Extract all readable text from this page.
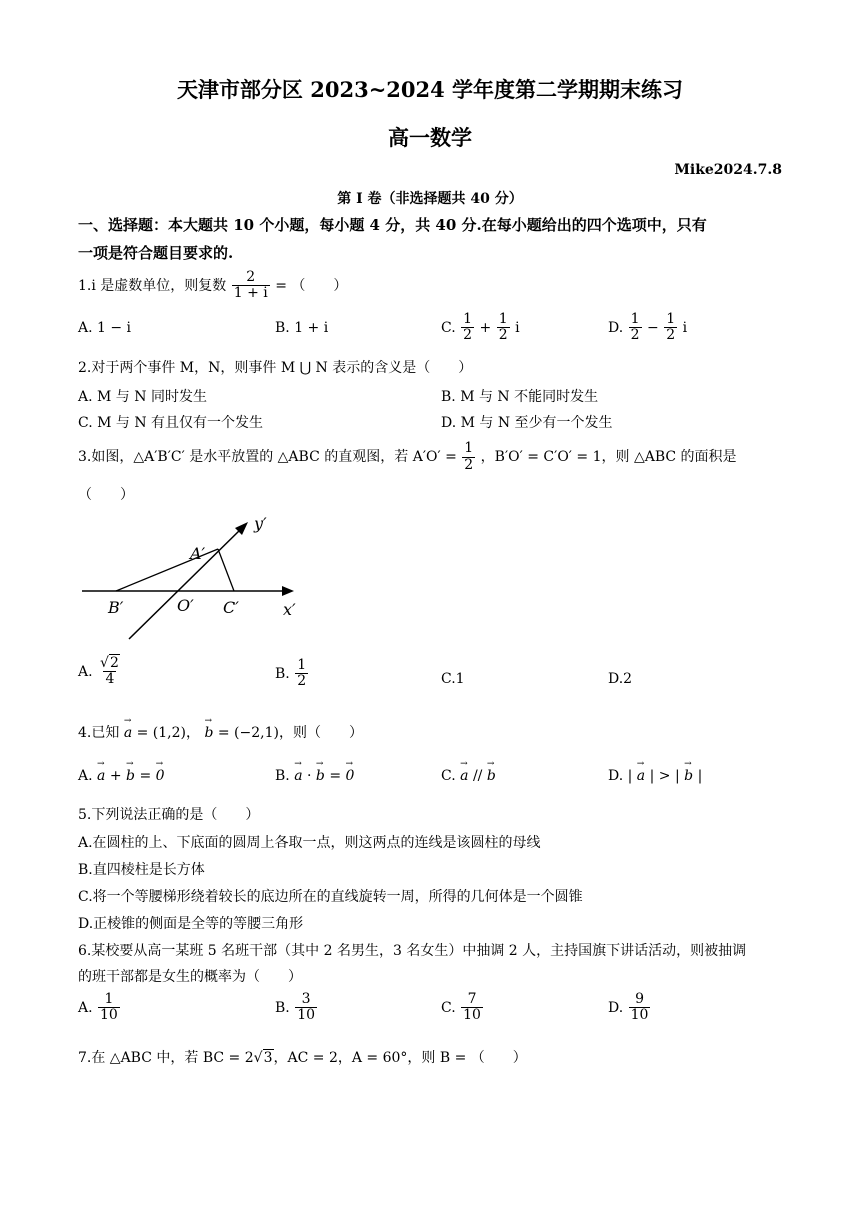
天津市部分区 2023~2024 学年度第二学期期末练习
高一数学
Mike2024.7.8
第 I 卷（非选择题共 40 分）
一、选择题：本大题共 10 个小题，每小题 4 分，共 40 分.在每小题给出的四个选项中，只有
一项是符合题目要求的.
1.i 是虚数单位，则复数 $\frac{2}{1 + i}$ = （　　）
A. 1 − i	B. 1 + i	C. $\frac{1}{2} + \frac{1}{2}$ i	D. $\frac{1}{2} - \frac{1}{2}$ i
2.对于两个事件 M，N，则事件 M ⋃ N 表示的含义是（　　）
A. M 与 N 同时发生	B. M 与 N 不能同时发生
C. M 与 N 有且仅有一个发生	D. M 与 N 至少有一个发生
3.如图，△A′B′C′ 是水平放置的 △ABC 的直观图，若 $A'O' = \frac{1}{2}$ ，B′O′ = C′O′ = 1，则 △ABC 的面积是
（　　）
y′
A′
B′	O′ C′	x′
A. $\frac{√2}{4}$	B. $\frac{1}{2}$	C.1	D.2
4.已知 → a = (1,2)， → b = (−2,1)，则（　　）
A. → a + → b = → 0	B. → a · → b = → 0	C. → a // → b	D. | → a | > | → b |
5.下列说法正确的是（　　）
A.在圆柱的上、下底面的圆周上各取一点，则这两点的连线是该圆柱的母线
B.直四棱柱是长方体
C.将一个等腰梯形绕着较长的底边所在的直线旋转一周，所得的几何体是一个圆锥
D.正棱锥的侧面是全等的等腰三角形
6.某校要从高一某班 5 名班干部（其中 2 名男生，3 名女生）中抽调 2 人，主持国旗下讲话活动，则被抽调
的班干部都是女生的概率为（　　）
A. $\frac{1}{10}$	B. $\frac{3}{10}$	C. $\frac{7}{10}$	D. $\frac{9}{10}$
7.在 △ABC 中，若 BC = 2√3，AC = 2，A = 60°，则 B = （　　）
